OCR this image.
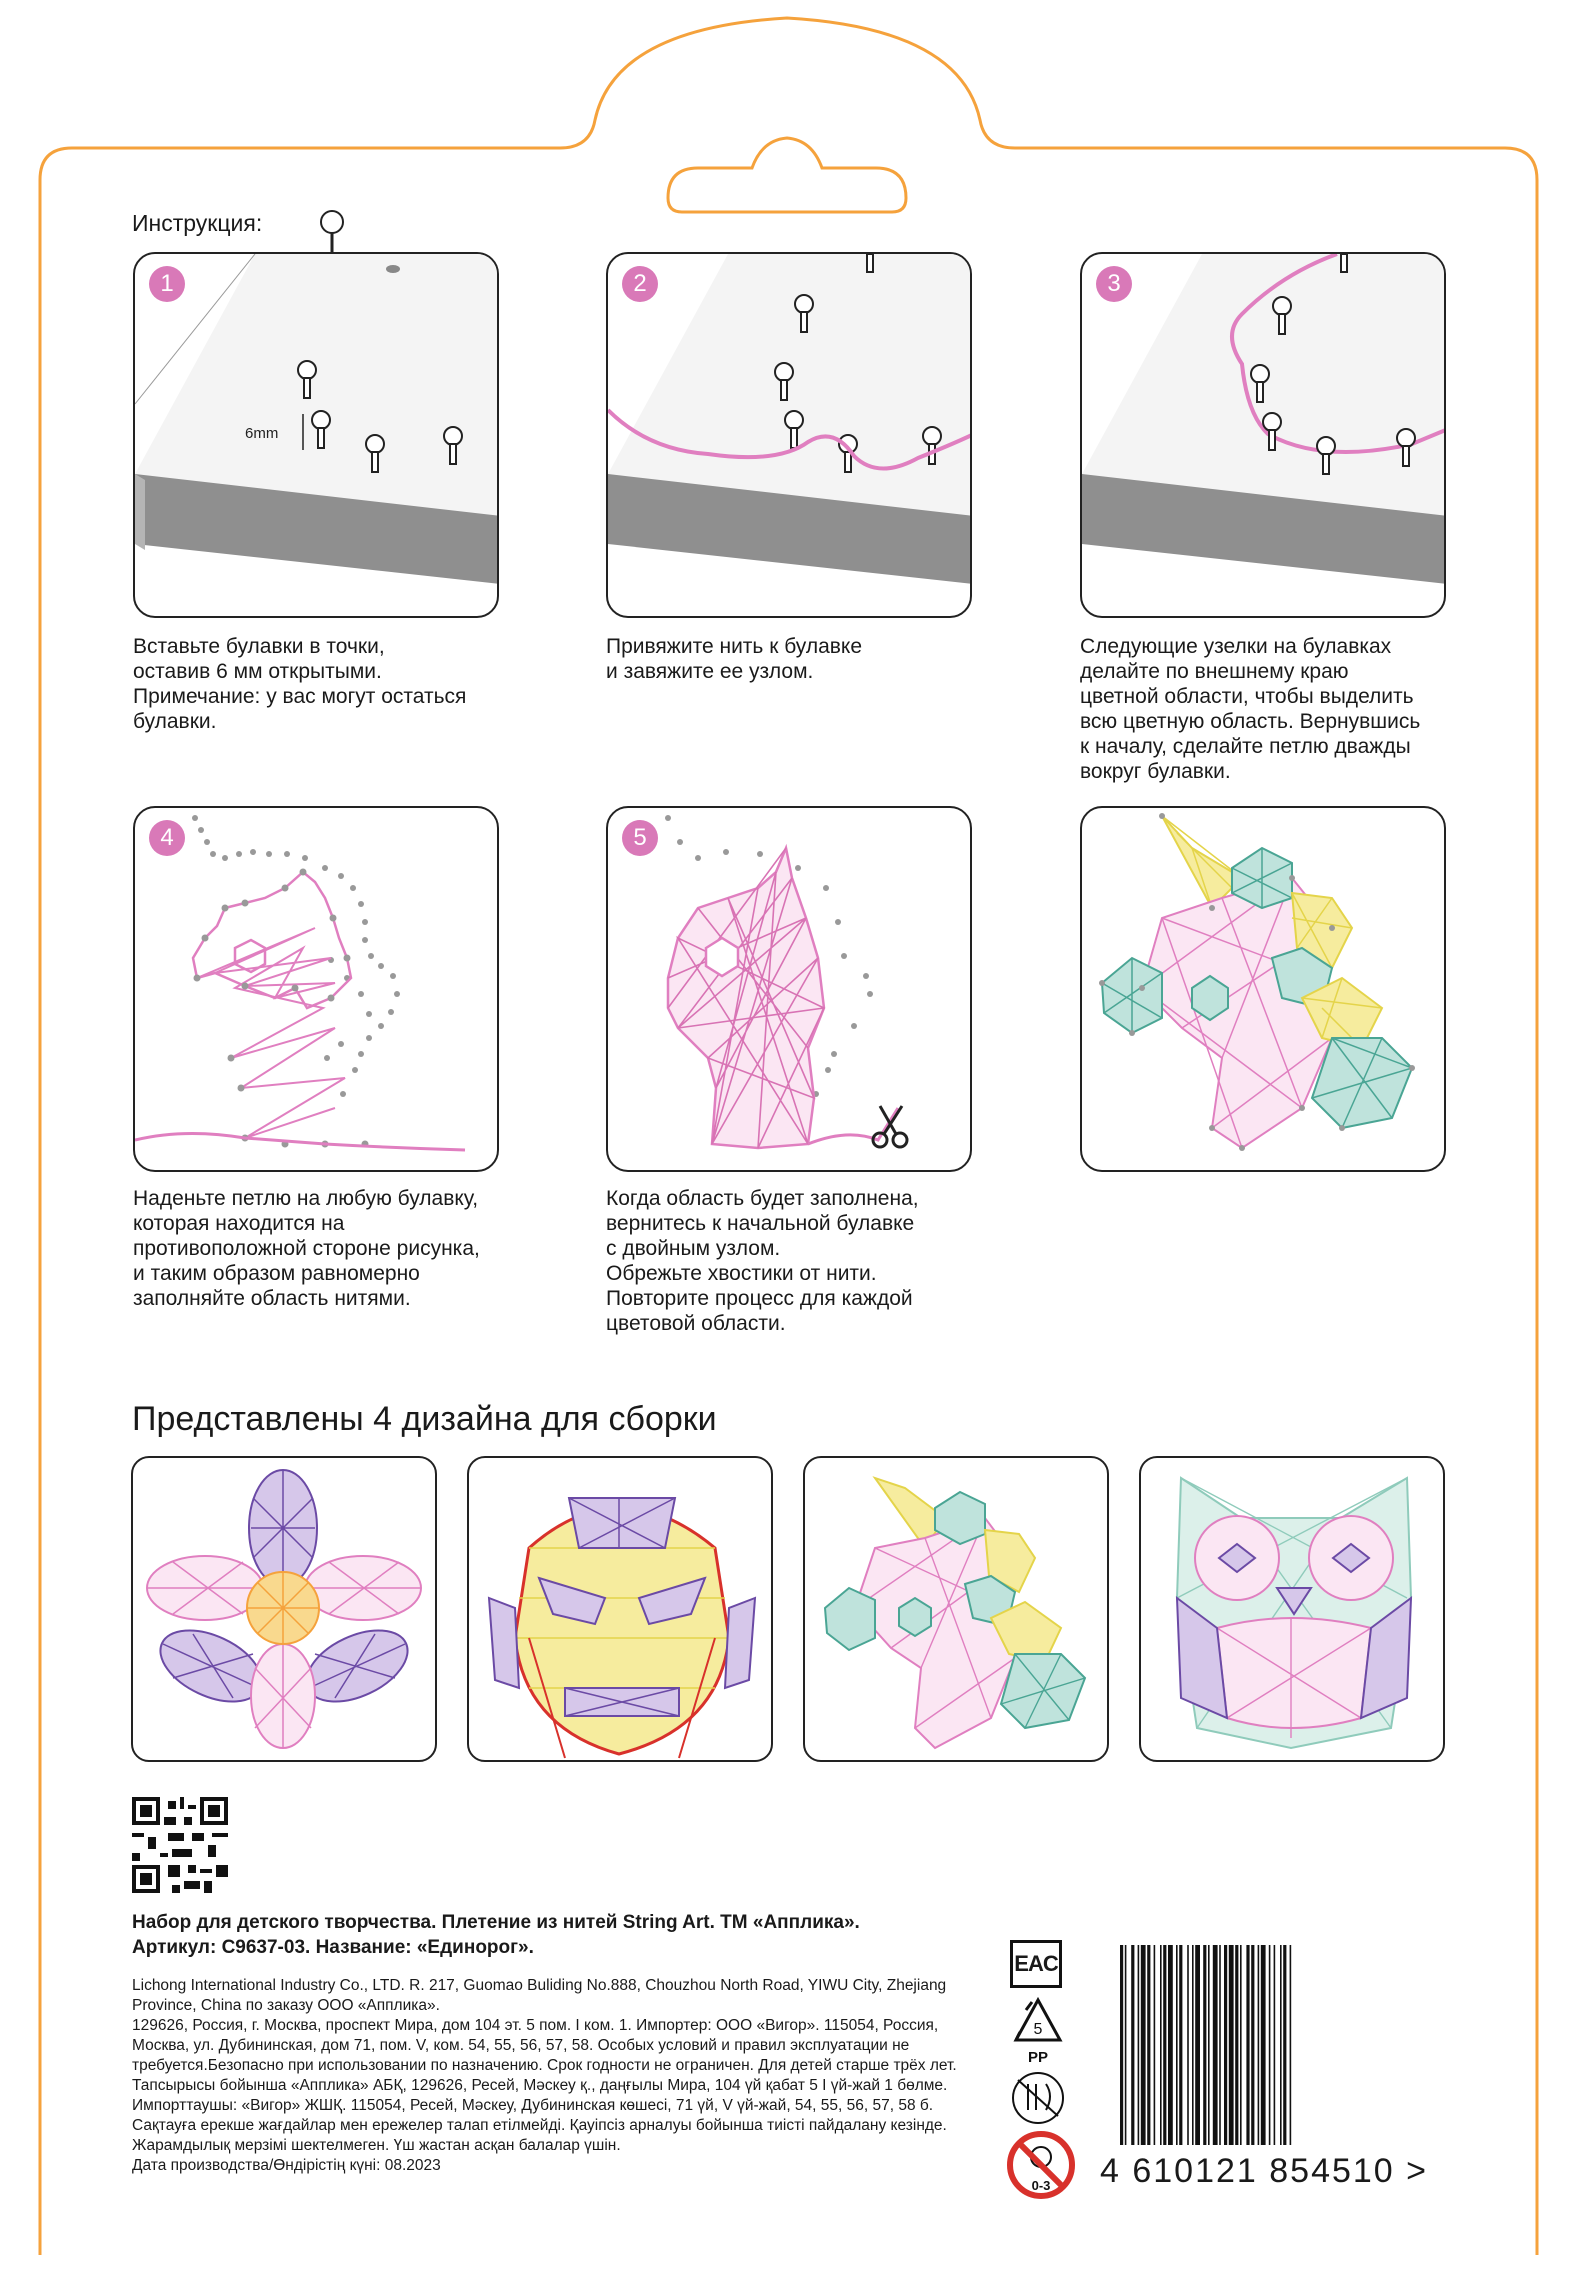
Инструкция:
6mm
1	2	3
Вставьте булавки в точки,
оставив 6 мм открытыми.
Примечание: у вас могут остаться
булавки.
Привяжите нить к булавке
и завяжите ее узлом.
Следующие узелки на булавках
делайте по внешнему краю
цветной области, чтобы выделить
всю цветную область. Вернувшись
к началу, сделайте петлю дважды
вокруг булавки.
4	5
Наденьте петлю на любую булавку,
которая находится на
противоположной стороне рисунка,
и таким образом равномерно
заполняйте область нитями.
Когда область будет заполнена,
вернитесь к начальной булавке
с двойным узлом.
Обрежьте хвостики от нити.
Повторите процесс для каждой
цветовой области.
Представлены 4 дизайна для сборки
Набор для детского творчества. Плетение из нитей String Art. ТМ «Апплика».
Артикул: С9637-03. Название: «Единорог».
Lichong International Industry Co., LTD. R. 217, Guomao Buliding No.888, Chouzhou North Road, YIWU City, Zhejiang
Province, China по заказу ООО «Апплика».
129626, Россия, г. Москва, проспект Мира, дом 104 эт. 5 пом. I ком. 1. Импортер: ООО «Вигор». 115054, Россия,
Москва, ул. Дубининская, дом 71, пом. V, ком. 54, 55, 56, 57, 58. Особых условий и правил эксплуатации не
требуется.Безопасно при использовании по назначению. Срок годности не ограничен. Для детей старше трёх лет.
Тапсырысы бойынша «Апплика» АБҚ, 129626, Ресей, Мәскеу қ., даңғылы Мира, 104 үй қабат 5 I үй-жай 1 бөлме.
Импорттаушы: «Вигор» ЖШҚ. 115054, Ресей, Мәскеу, Дубининская көшесі, 71 үй, V үй-жай, 54, 55, 56, 57, 58 б.
Сақтауға ерекше жағдайлар мен ережелер талап етілмейді. Қауіпсіз арналуы бойынша тиісті пайдалану кезінде.
Жарамдылық мерзімі шектелмеген. Үш жастан асқан балалар үшін.
Дата производства/Өндірістің күні: 08.2023
EAC
5
PP
0-3 4 610121 854510 >
